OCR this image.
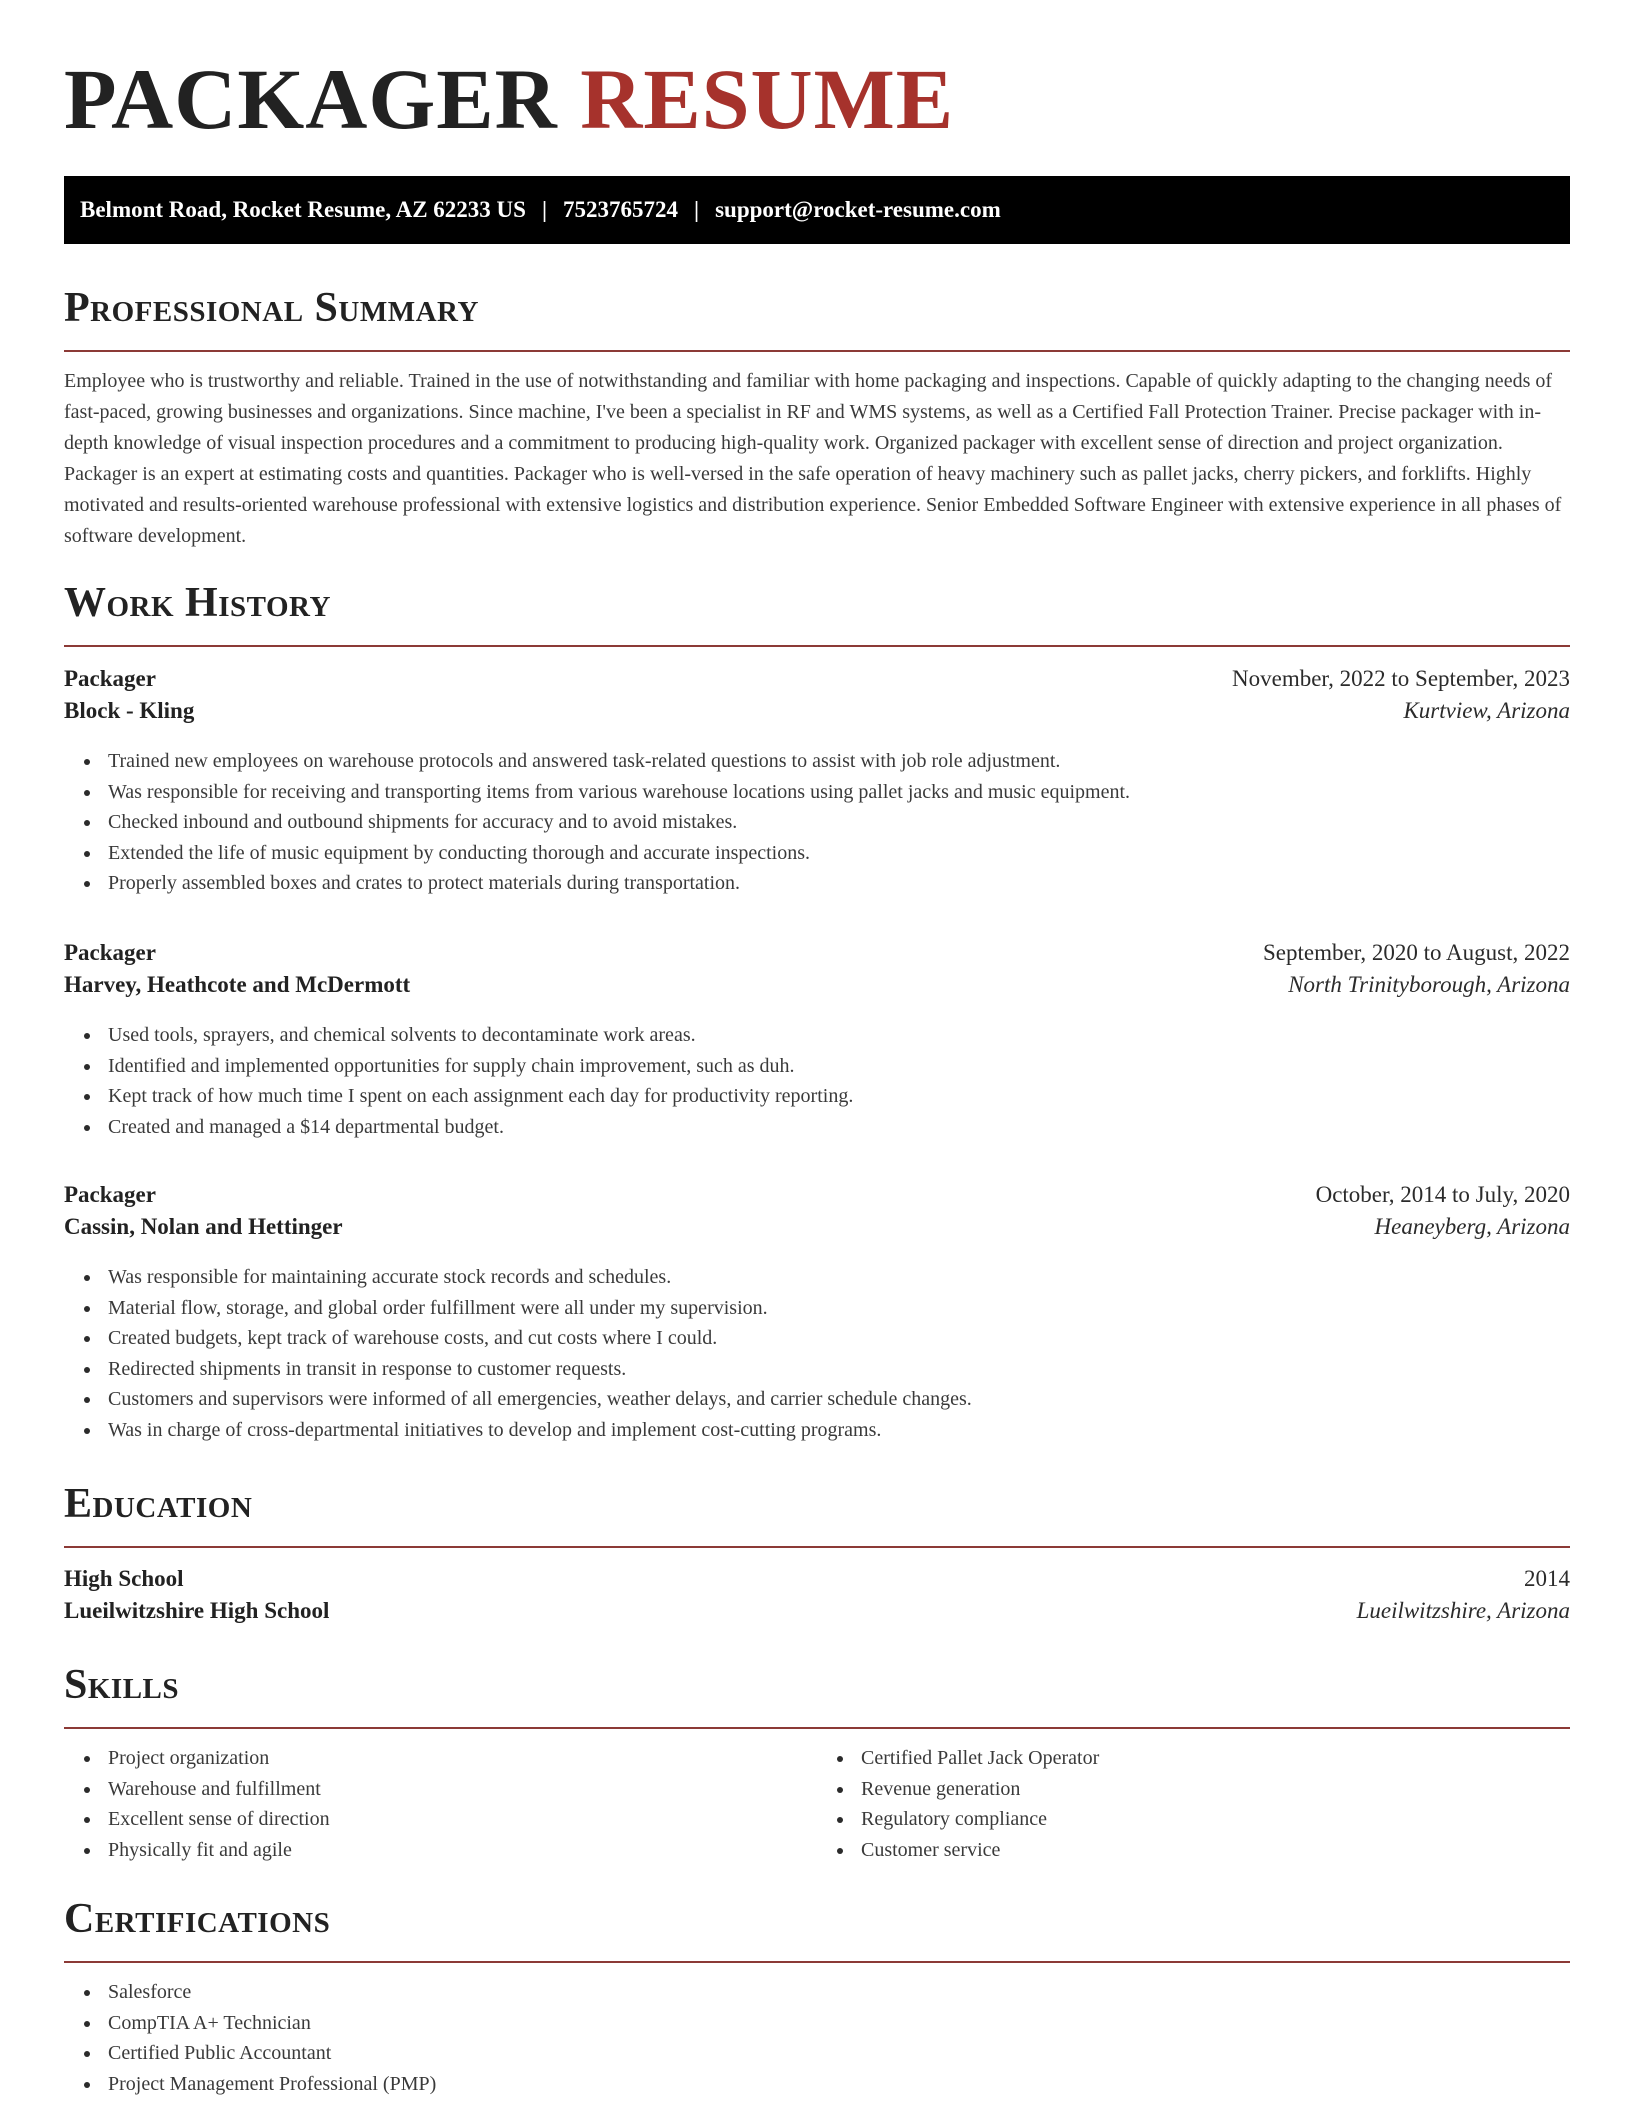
PACKAGER RESUME
Belmont Road, Rocket Resume, AZ 62233 US | 7523765724 | support@rocket-resume.com
Professional Summary

Employee who is trustworthy and reliable. Trained in the use of notwithstanding and familiar with home packaging and inspections. Capable of quickly adapting to the changing needs of fast-paced, growing businesses and organizations. Since machine, I've been a specialist in RF and WMS systems, as well as a Certified Fall Protection Trainer. Precise packager with in-depth knowledge of visual inspection procedures and a commitment to producing high-quality work. Organized packager with excellent sense of direction and project organization. Packager is an expert at estimating costs and quantities. Packager who is well-versed in the safe operation of heavy machinery such as pallet jacks, cherry pickers, and forklifts. Highly motivated and results-oriented warehouse professional with extensive logistics and distribution experience. Senior Embedded Software Engineer with extensive experience in all phases of software development.

Work History
Packager	November, 2022 to September, 2023
Block - Kling	Kurtview, Arizona
Trained new employees on warehouse protocols and answered task-related questions to assist with job role adjustment.
Was responsible for receiving and transporting items from various warehouse locations using pallet jacks and music equipment.
Checked inbound and outbound shipments for accuracy and to avoid mistakes.
Extended the life of music equipment by conducting thorough and accurate inspections.
Properly assembled boxes and crates to protect materials during transportation.
Packager	September, 2020 to August, 2022
Harvey, Heathcote and McDermott	North Trinityborough, Arizona
Used tools, sprayers, and chemical solvents to decontaminate work areas.
Identified and implemented opportunities for supply chain improvement, such as duh.
Kept track of how much time I spent on each assignment each day for productivity reporting.
Created and managed a $14 departmental budget.
Packager	October, 2014 to July, 2020
Cassin, Nolan and Hettinger	Heaneyberg, Arizona
Was responsible for maintaining accurate stock records and schedules.
Material flow, storage, and global order fulfillment were all under my supervision.
Created budgets, kept track of warehouse costs, and cut costs where I could.
Redirected shipments in transit in response to customer requests.
Customers and supervisors were informed of all emergencies, weather delays, and carrier schedule changes.
Was in charge of cross-departmental initiatives to develop and implement cost-cutting programs.
Education
High School	2014
Lueilwitzshire High School	Lueilwitzshire, Arizona
Skills
Project organization
Warehouse and fulfillment
Excellent sense of direction
Physically fit and agile
Certified Pallet Jack Operator
Revenue generation
Regulatory compliance
Customer service
Certifications
Salesforce
CompTIA A+ Technician
Certified Public Accountant
Project Management Professional (PMP)
